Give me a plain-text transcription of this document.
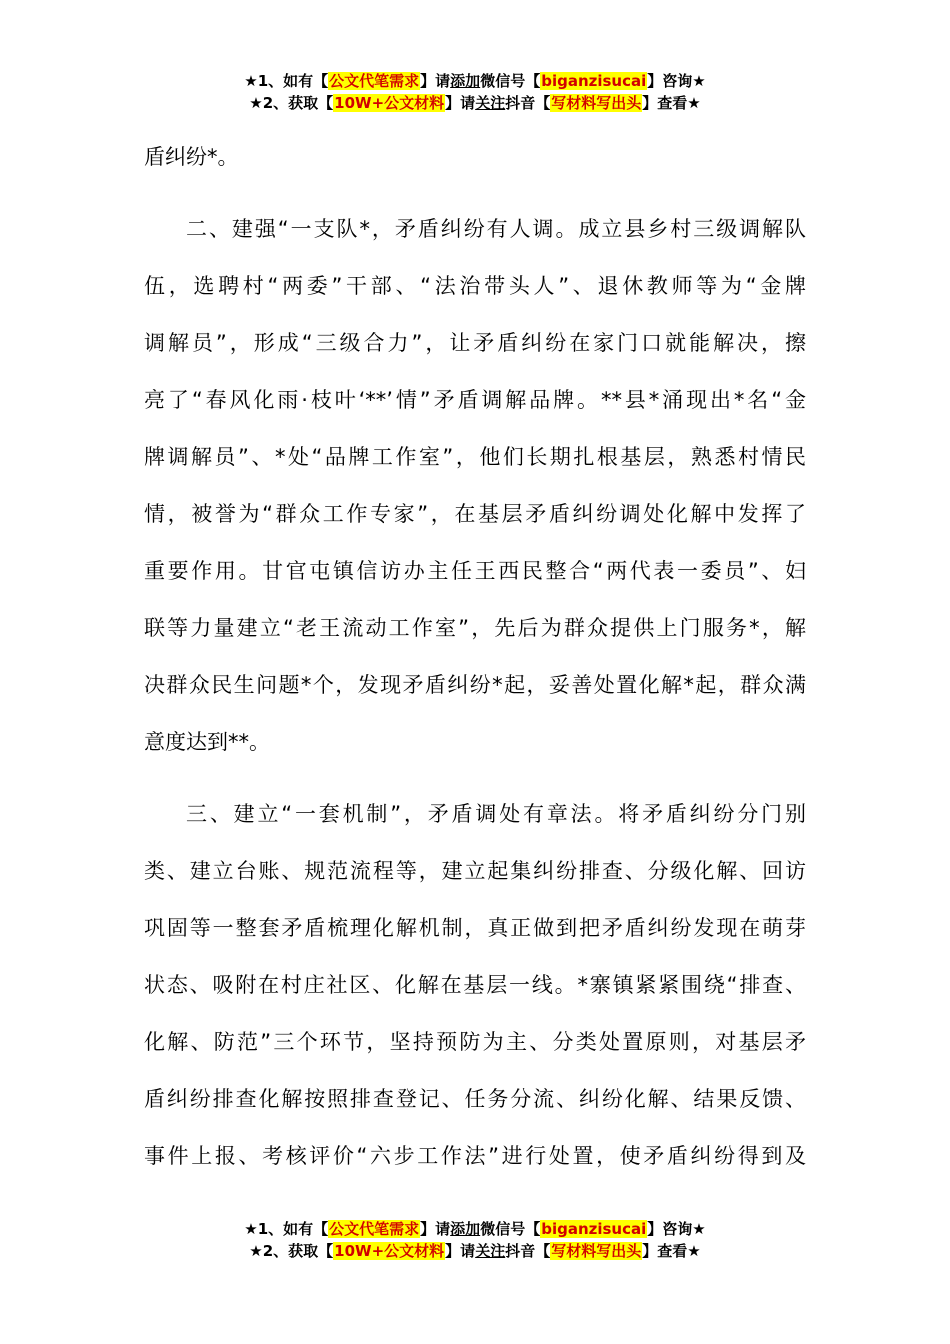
★1、如有【公文代笔需求】请添加微信号【biganzisucai】咨询★
★2、获取【10W+公文材料】请关注抖音【写材料写出头】查看★
盾纠纷*。
二、建强“一支队*，矛盾纠纷有人调。成立县乡村三级调解队
伍，选聘村“两委”干部、“法治带头人”、退休教师等为“金牌
调解员”，形成“三级合力”，让矛盾纠纷在家门口就能解决，擦
亮了“春风化雨·枝叶‘**’情”矛盾调解品牌。**县*涌现出*名“金
牌调解员”、*处“品牌工作室”，他们长期扎根基层，熟悉村情民
情，被誉为“群众工作专家”，在基层矛盾纠纷调处化解中发挥了
重要作用。甘官屯镇信访办主任王西民整合“两代表一委员”、妇
联等力量建立“老王流动工作室”，先后为群众提供上门服务*，解
决群众民生问题*个，发现矛盾纠纷*起，妥善处置化解*起，群众满
意度达到**。
三、建立“一套机制”，矛盾调处有章法。将矛盾纠纷分门别
类、建立台账、规范流程等，建立起集纠纷排查、分级化解、回访
巩固等一整套矛盾梳理化解机制，真正做到把矛盾纠纷发现在萌芽
状态、吸附在村庄社区、化解在基层一线。*寨镇紧紧围绕“排查、
化解、防范”三个环节，坚持预防为主、分类处置原则，对基层矛
盾纠纷排查化解按照排查登记、任务分流、纠纷化解、结果反馈、
事件上报、考核评价“六步工作法”进行处置，使矛盾纠纷得到及
★1、如有【公文代笔需求】请添加微信号【biganzisucai】咨询★
★2、获取【10W+公文材料】请关注抖音【写材料写出头】查看★
